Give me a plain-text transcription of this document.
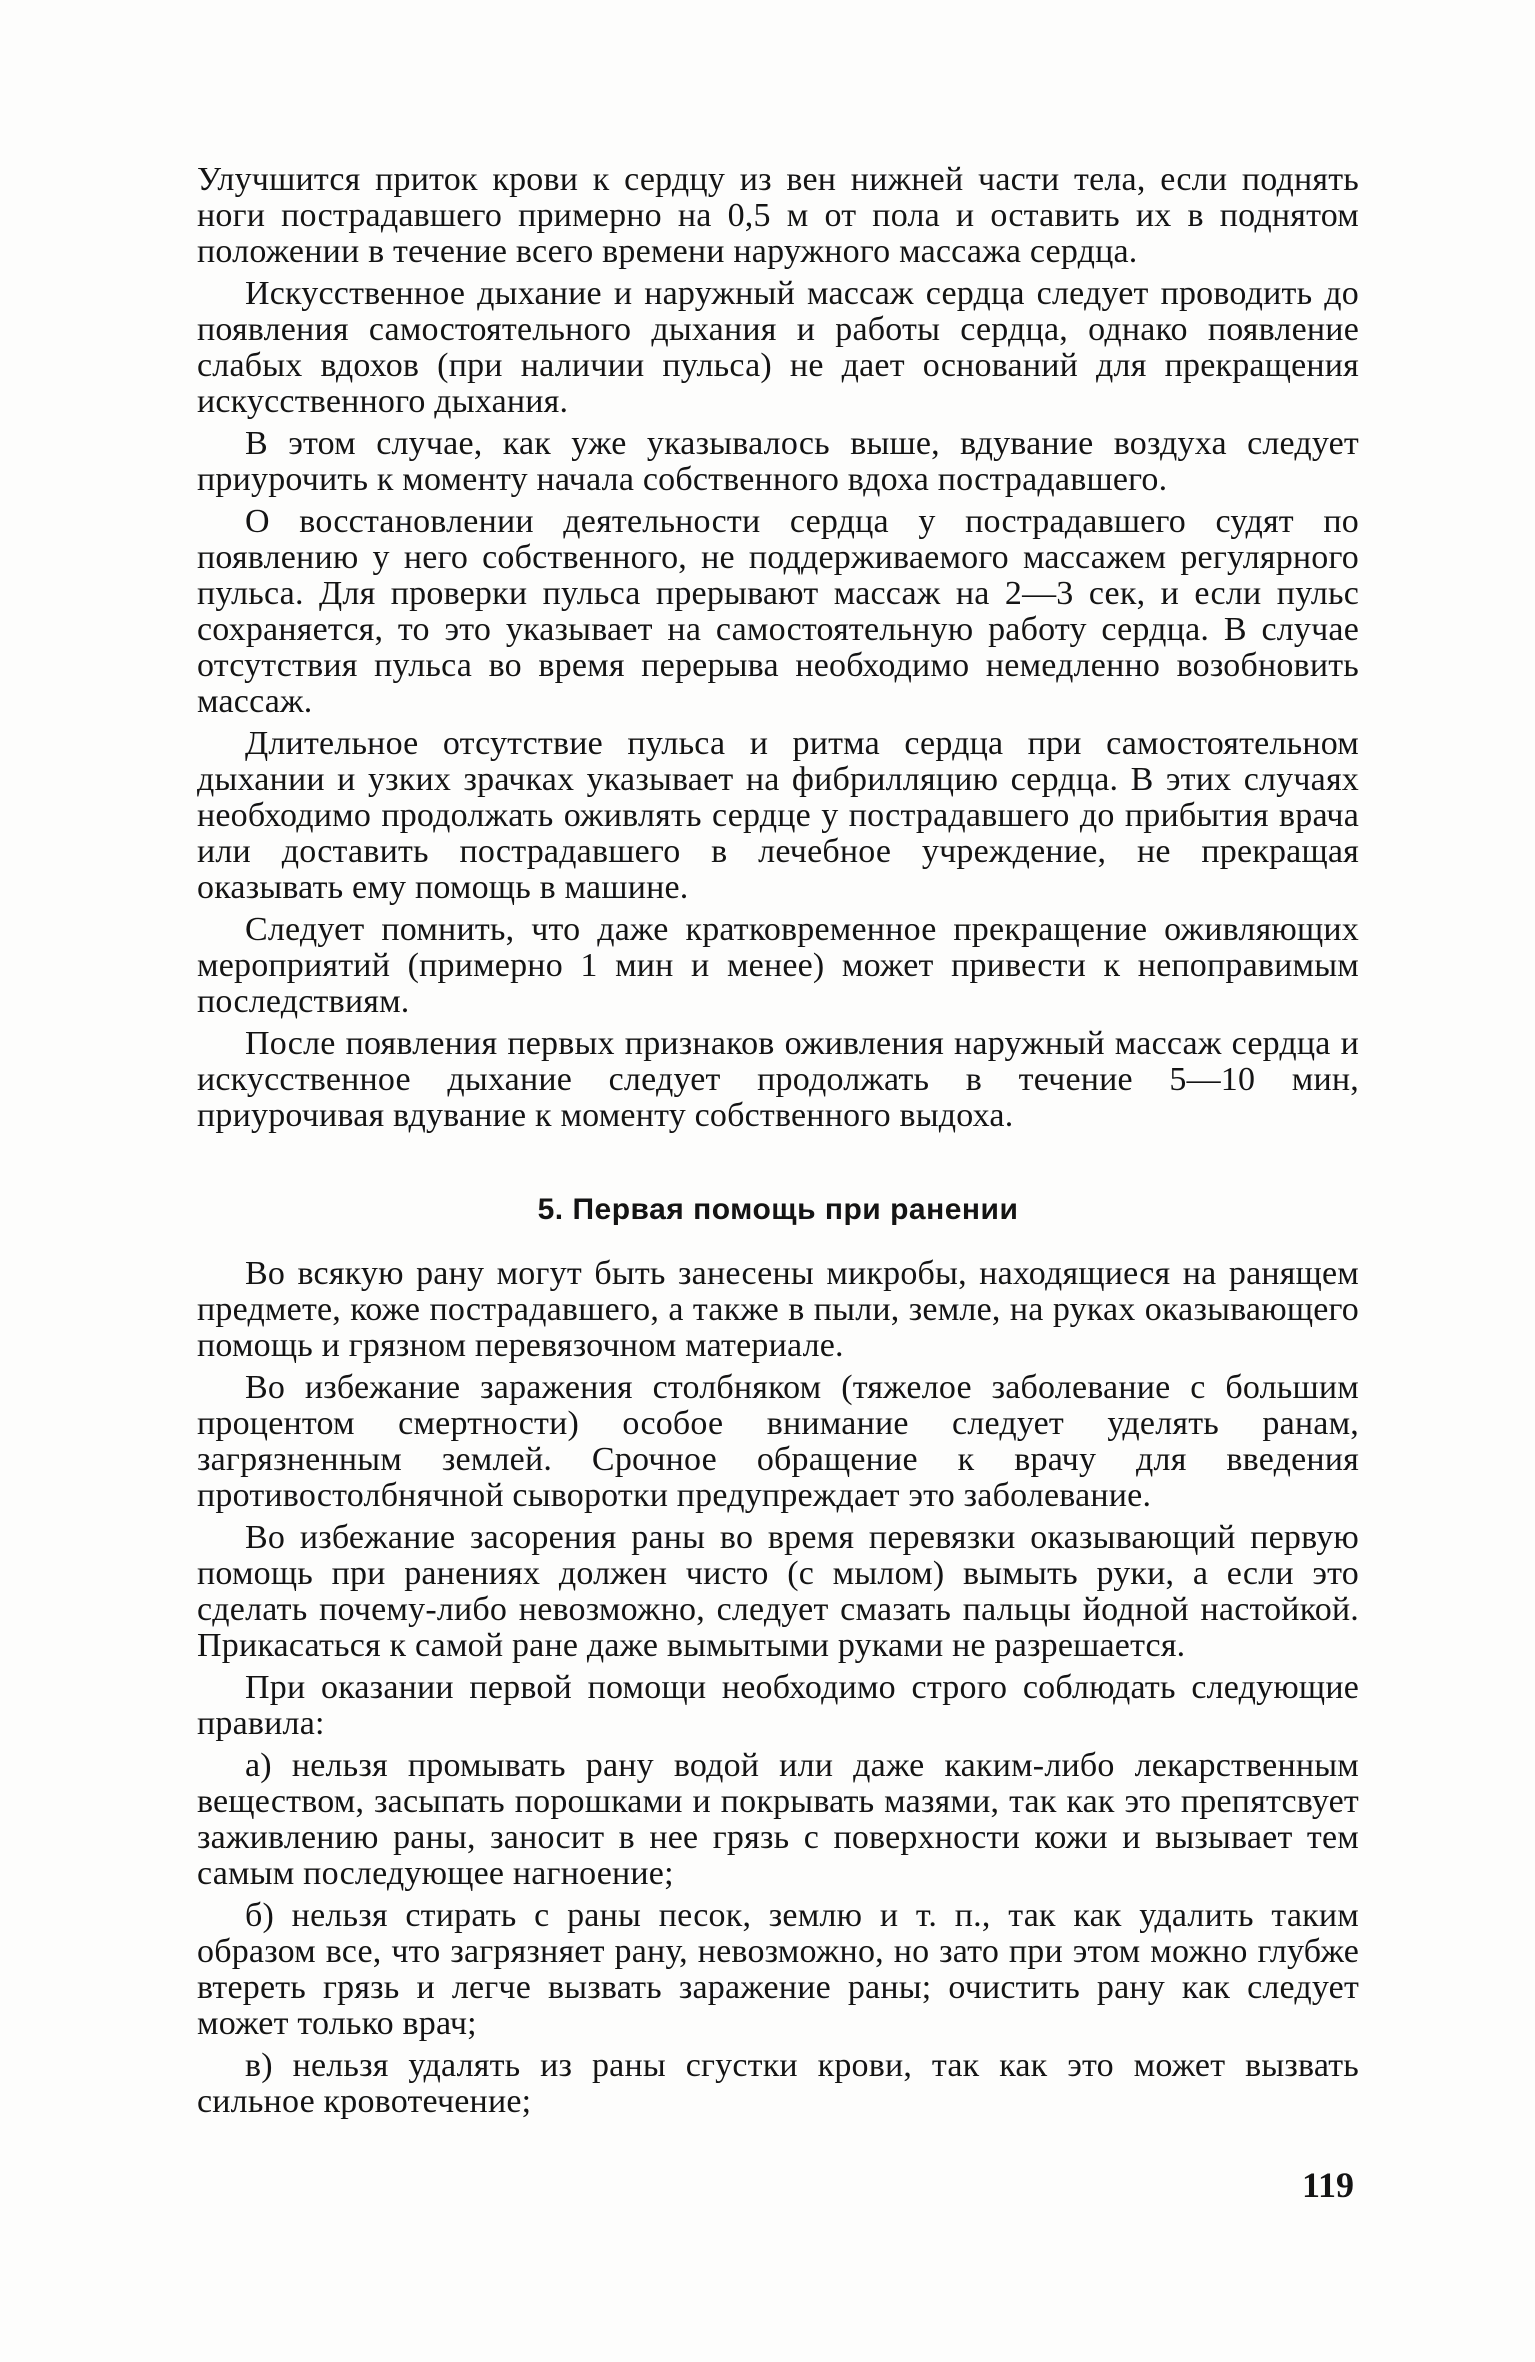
Улучшится приток крови к сердцу из вен нижней части тела, если поднять ноги пострадавшего примерно на 0,5 м от пола и оставить их в поднятом положении в течение всего времени наружного массажа сердца.

Искусственное дыхание и наружный массаж сердца следует проводить до появления самостоятельного дыхания и работы сердца, однако появление слабых вдохов (при наличии пульса) не дает оснований для прекращения искусственного дыхания.

В этом случае, как уже указывалось выше, вдувание воздуха следует приурочить к моменту начала собственного вдоха пострадавшего.

О восстановлении деятельности сердца у пострадавшего судят по появлению у него собственного, не поддерживаемого массажем регулярного пульса. Для проверки пульса прерывают массаж на 2—3 сек, и если пульс сохраняется, то это указывает на самостоятельную работу сердца. В случае отсутствия пульса во время перерыва необходимо немедленно возобновить массаж.

Длительное отсутствие пульса и ритма сердца при самостоятельном дыхании и узких зрачках указывает на фибрилляцию сердца. В этих случаях необходимо продолжать оживлять сердце у пострадавшего до прибытия врача или доставить пострадавшего в лечебное учреждение, не прекращая оказывать ему помощь в машине.

Следует помнить, что даже кратковременное прекращение оживляющих мероприятий (примерно 1 мин и менее) может привести к непоправимым последствиям.

После появления первых признаков оживления наружный массаж сердца и искусственное дыхание следует продолжать в течение 5—10 мин, приурочивая вдувание к моменту собственного выдоха.

5. Первая помощь при ранении

Во всякую рану могут быть занесены микробы, находящиеся на ранящем предмете, коже пострадавшего, а также в пыли, земле, на руках оказывающего помощь и грязном перевязочном материале.

Во избежание заражения столбняком (тяжелое заболевание с большим процентом смертности) особое внимание следует уделять ранам, загрязненным землей. Срочное обращение к врачу для введения противостолбнячной сыворотки предупреждает это заболевание.

Во избежание засорения раны во время перевязки оказывающий первую помощь при ранениях должен чисто (с мылом) вымыть руки, а если это сделать почему-либо невозможно, следует смазать пальцы йодной настойкой. Прикасаться к самой ране даже вымытыми руками не разрешается.

При оказании первой помощи необходимо строго соблюдать следующие правила:

а) нельзя промывать рану водой или даже каким-либо лекарственным веществом, засыпать порошками и покрывать мазями, так как это препятсвует заживлению раны, заносит в нее грязь с поверхности кожи и вызывает тем самым последующее нагноение;

б) нельзя стирать с раны песок, землю и т. п., так как удалить таким образом все, что загрязняет рану, невозможно, но зато при этом можно глубже втереть грязь и легче вызвать заражение раны; очистить рану как следует может только врач;

в) нельзя удалять из раны сгустки крови, так как это может вызвать сильное кровотечение;

119
